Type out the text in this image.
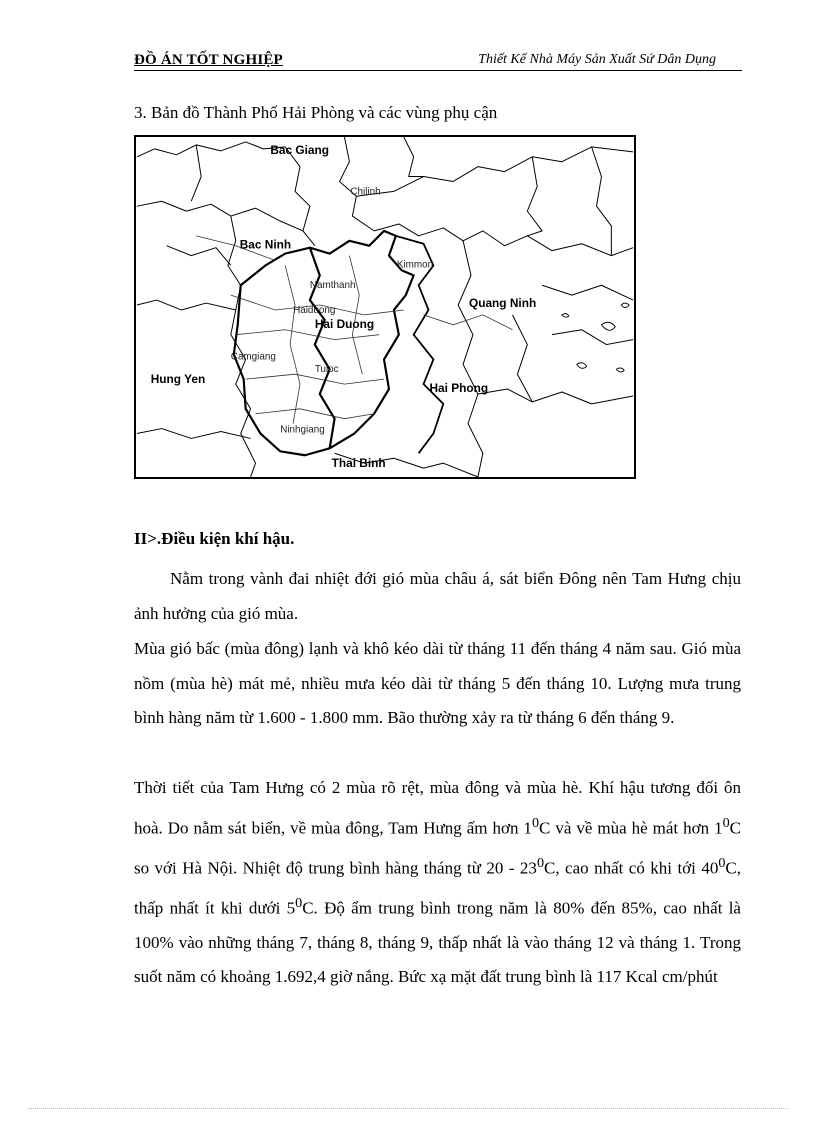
ĐỒ ÁN TỐT NGHIỆP	Thiết Kế Nhà Máy Sản Xuất Sứ Dân Dụng
3. Bản đồ Thành Phố Hải Phòng và các vùng phụ cận
Bac Giang
Chilinh
Bac Ninh
Kimmon
Namthanh
Quang Ninh
Haiduong
Hai Duong
Camgiang
Hung Yen
Tuloc
Hai Phong
Ninhgiang
Thai Binh
II>.Điều kiện khí hậu.

Nằm trong vành đai nhiệt đới gió mùa châu á, sát biển Đông nên Tam Hưng chịu ảnh hưởng của gió mùa.

Mùa gió bấc (mùa đông) lạnh và khô kéo dài từ tháng 11 đến tháng 4 năm sau. Gió mùa nồm (mùa hè) mát mẻ, nhiều mưa kéo dài từ tháng 5 đến tháng 10. Lượng mưa trung bình hàng năm từ 1.600 - 1.800 mm. Bão thường xảy ra từ tháng 6 đến tháng 9.

Thời tiết của Tam Hưng có 2 mùa rõ rệt, mùa đông và mùa hè. Khí hậu tương đối ôn hoà. Do nằm sát biển, về mùa đông, Tam Hưng ấm hơn $1^0C$ và về mùa hè mát hơn $1^0C$ so với Hà Nội. Nhiệt độ trung bình hàng tháng từ $20 - 23^0C$, cao nhất có khi tới $40^0C$, thấp nhất ít khi dưới $5^0C$. Độ ẩm trung bình trong năm là 80% đến 85%, cao nhất là 100% vào những tháng 7, tháng 8, tháng 9, thấp nhất là vào tháng 12 và tháng 1. Trong suốt năm có khoảng 1.692,4 giờ nắng. Bức xạ mặt đất trung bình là 117 Kcal cm/phút
